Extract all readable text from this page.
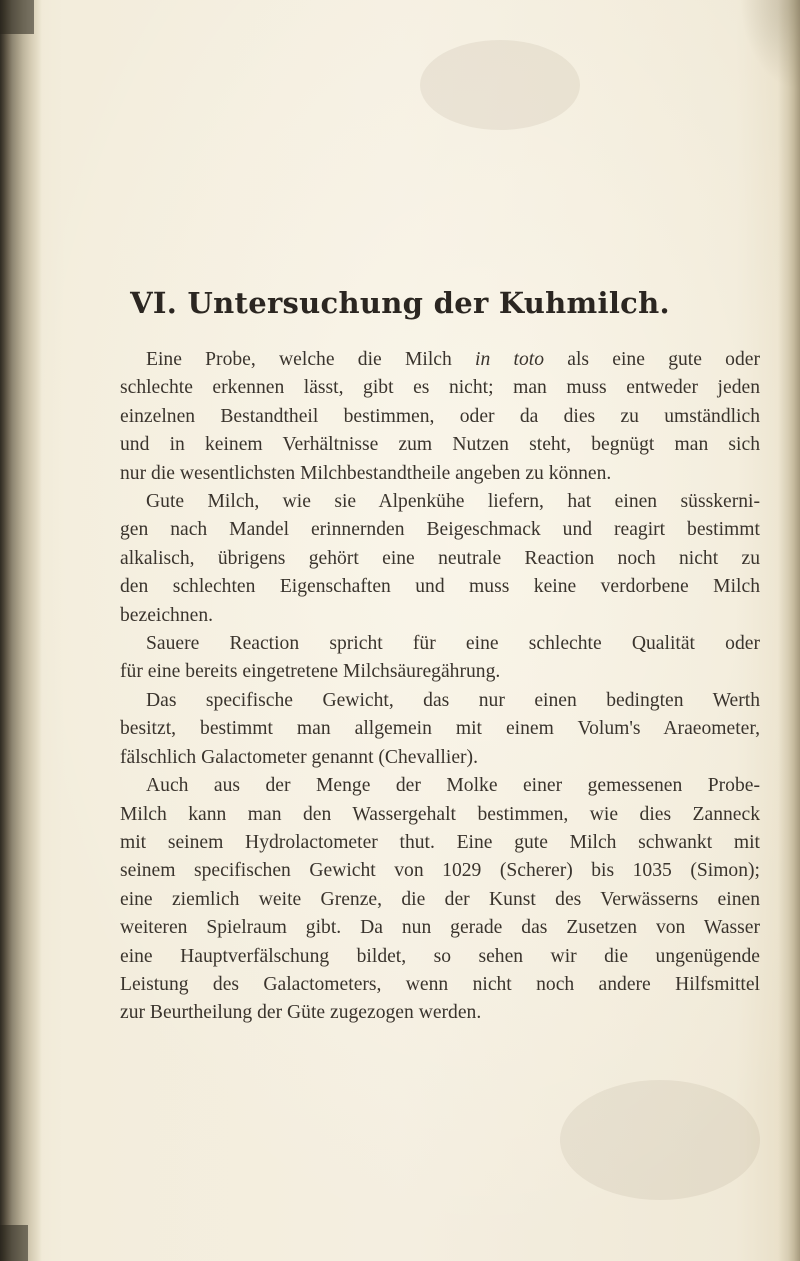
VI. Untersuchung der Kuhmilch.

Eine Probe, welche die Milch in toto als eine gute oder
schlechte erkennen lässt, gibt es nicht; man muss entweder jeden
einzelnen Bestandtheil bestimmen, oder da dies zu umständlich
und in keinem Verhältnisse zum Nutzen steht, begnügt man sich
nur die wesentlichsten Milchbestandtheile angeben zu können.

Gute Milch, wie sie Alpenkühe liefern, hat einen süsskerni-
gen nach Mandel erinnernden Beigeschmack und reagirt bestimmt
alkalisch, übrigens gehört eine neutrale Reaction noch nicht zu
den schlechten Eigenschaften und muss keine verdorbene Milch
bezeichnen.

Sauere Reaction spricht für eine schlechte Qualität oder
für eine bereits eingetretene Milchsäuregährung.

Das specifische Gewicht, das nur einen bedingten Werth
besitzt, bestimmt man allgemein mit einem Volum's Araeometer,
fälschlich Galactometer genannt (Chevallier).

Auch aus der Menge der Molke einer gemessenen Probe-
Milch kann man den Wassergehalt bestimmen, wie dies Zanneck
mit seinem Hydrolactometer thut. Eine gute Milch schwankt mit
seinem specifischen Gewicht von 1029 (Scherer) bis 1035 (Simon);
eine ziemlich weite Grenze, die der Kunst des Verwässerns einen
weiteren Spielraum gibt. Da nun gerade das Zusetzen von Wasser
eine Hauptverfälschung bildet, so sehen wir die ungenügende
Leistung des Galactometers, wenn nicht noch andere Hilfsmittel
zur Beurtheilung der Güte zugezogen werden.
